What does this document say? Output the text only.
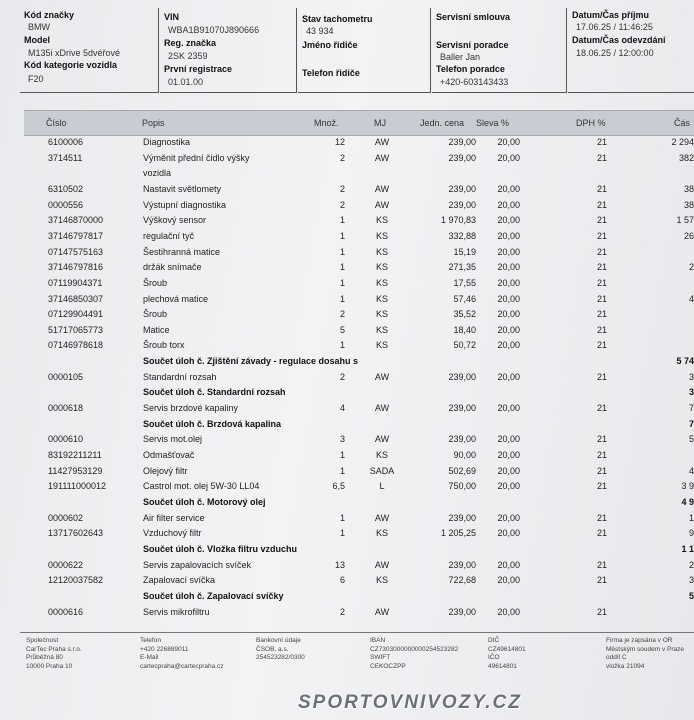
Kód značky
BMW
Model
M135i xDrive 5dvéřové
Kód kategorie vozidla
F20
VIN
WBA1B91070J890666
Reg. značka
2SK 2359
První registrace
01.01.00
Stav tachometru
43 934
Jméno řidiče
Telefon řidiče
Servisní smlouva
Servisní poradce
Baller Jan
Telefon poradce
+420-603143433
Datum/Čas příjmu
17.06.25 / 11:46:25
Datum/Čas odevzdání
18.06.25 / 12:00:00
Číslo	Popis	Množ.	MJ	Jedn. cena Sleva %	DPH %	Čás
6100006	Diagnostika	12	AW	239,00 20,00	21	2 294
3714511	Výměnit přední čidlo výšky	2	AW	239,00 20,00	21	382
vozidla
6310502	Nastavit světlomety	2	AW	239,00 20,00	21	38
0000556	Výstupní diagnostika	2	AW	239,00 20,00	21	38
37146870000	Výškový sensor	1	KS	1 970,83 20,00	21	1 57
37146797817	regulační tyč	1	KS	332,88 20,00	21	26
07147575163	Šestihranná matice	1	KS	15,19 20,00	21
37146797816	držák snímače	1	KS	271,35 20,00	21	2
07119904371	Šroub	1	KS	17,55 20,00	21
37146850307	plechová matice	1	KS	57,46 20,00	21	4
07129904491	Šroub	2	KS	35,52 20,00	21
51717065773	Matice	5	KS	18,40 20,00	21
07146978618	Šroub torx	1	KS	50,72 20,00	21
Součet úloh č. Zjištění závady - regulace dosahu s	5 74
0000105	Standardní rozsah	2	AW	239,00 20,00	21	3
Součet úloh č. Standardní rozsah	3
0000618	Servis brzdové kapaliny	4	AW	239,00 20,00	21	7
Součet úloh č. Brzdová kapalina	7
0000610	Servis mot.olej	3	AW	239,00 20,00	21	5
83192211211	Odmašťovač	1	KS	90,00 20,00	21
11427953129	Olejový filtr	1	SADA	502,69 20,00	21	4
191111000012	Castrol mot. olej 5W-30 LL04	6,5	L	750,00 20,00	21	3 9
Součet úloh č. Motorový olej	4 9
0000602	Air filter service	1	AW	239,00 20,00	21	1
13717602643	Vzduchový filtr	1	KS	1 205,25 20,00	21	9
Součet úloh č. Vložka filtru vzduchu	1 1
0000622	Servis zapalovacích svíček	13	AW	239,00 20,00	21	2
12120037582	Zapalovací svíčka	6	KS	722,68 20,00	21	3
Součet úloh č. Zapalovací svíčky	5
0000616	Servis mikrofiltru	2	AW	239,00 20,00	21
Společnost
CarTec Praha s.r.o.
Průběžná 80
10000 Praha 10
Telefon
+420 226889011
E-Mail
cartecpraha@cartecpraha.cz
Bankovní údaje
ČSOB, a.s.
254523282/0300
IBAN
CZ7303000000000254523282
SWIFT
CEKOCZPP
DIČ
CZ49614801
IČO
49614801
Firma je zapsána v OR
Městským soudem v Praze
oddíl C
vložka 21094
SPORTOVNIVOZY.CZ
